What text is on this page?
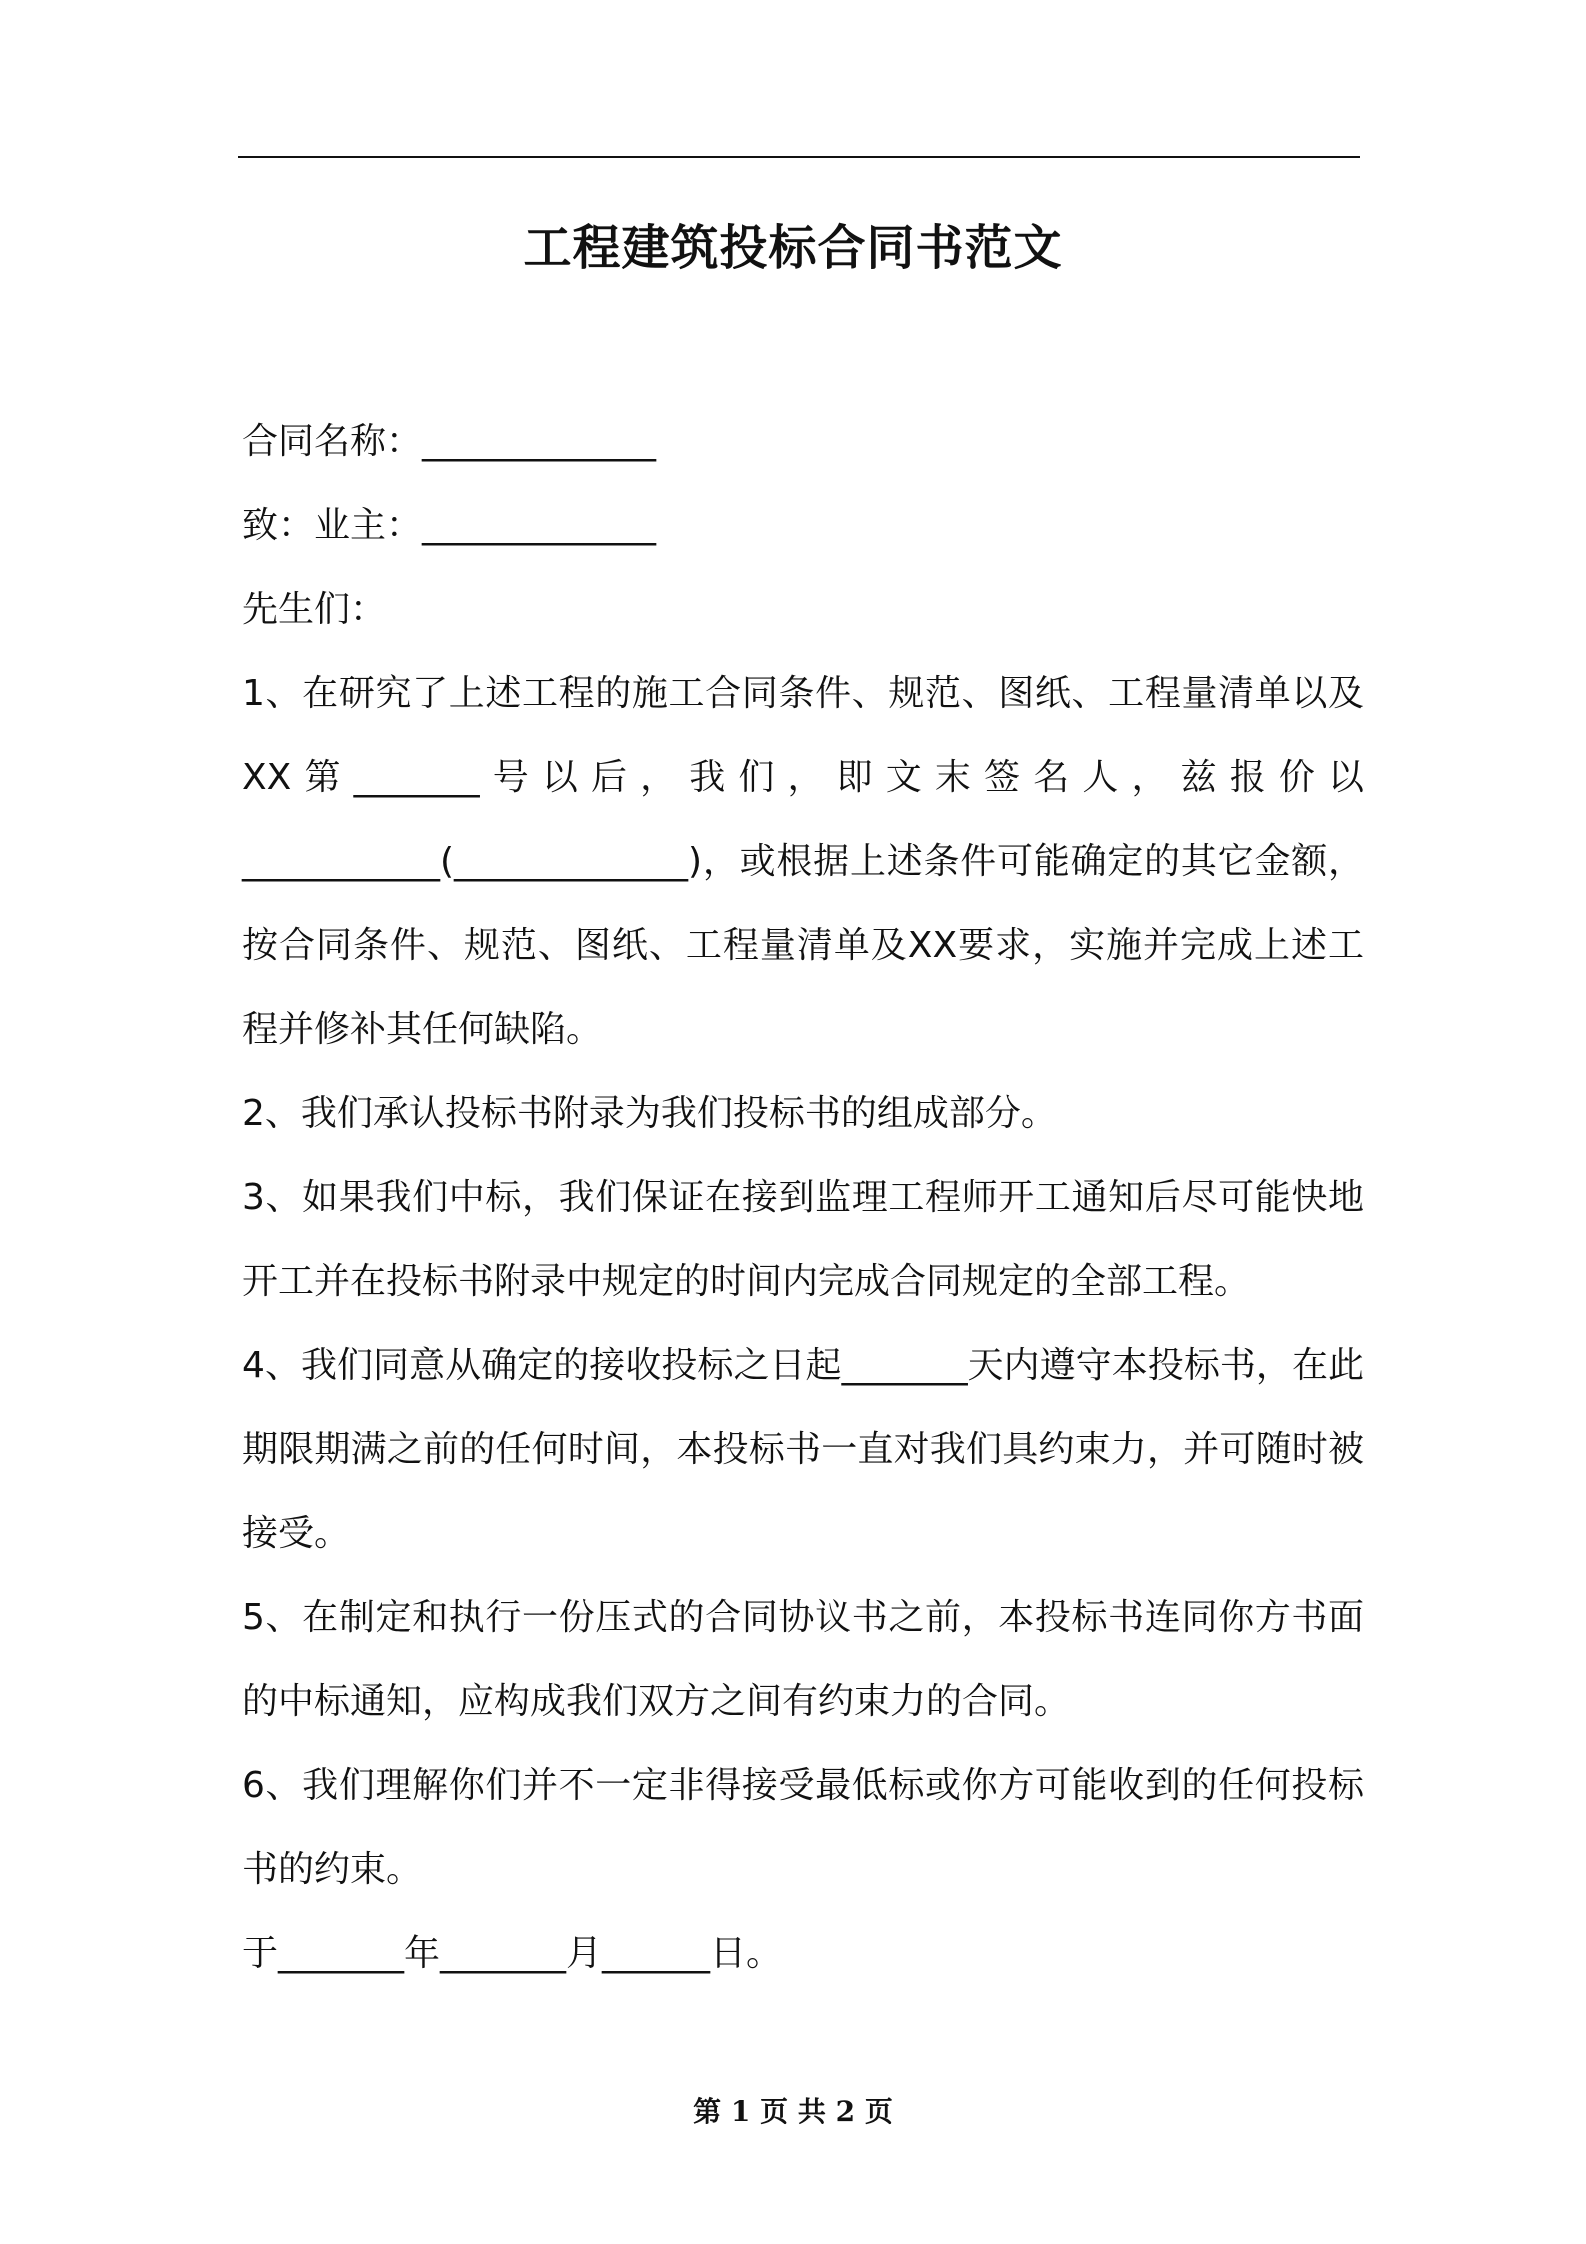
工程建筑投标合同书范文

合同名称：_____________

致：业主：_____________

先生们：

1、在研究了上述工程的施工合同条件、规范、图纸、工程量清单以及XX第_______号以后，我们，即文末签名人，兹报价以___________(_____________)，或根据上述条件可能确定的其它金额，按合同条件、规范、图纸、工程量清单及XX要求，实施并完成上述工程并修补其任何缺陷。

2、我们承认投标书附录为我们投标书的组成部分。

3、如果我们中标，我们保证在接到监理工程师开工通知后尽可能快地开工并在投标书附录中规定的时间内完成合同规定的全部工程。

4、我们同意从确定的接收投标之日起_______天内遵守本投标书，在此期限期满之前的任何时间，本投标书一直对我们具约束力，并可随时被接受。

5、在制定和执行一份压式的合同协议书之前，本投标书连同你方书面的中标通知，应构成我们双方之间有约束力的合同。

6、我们理解你们并不一定非得接受最低标或你方可能收到的任何投标书的约束。

于_______年_______月______日。

第 1 页 共 2 页
